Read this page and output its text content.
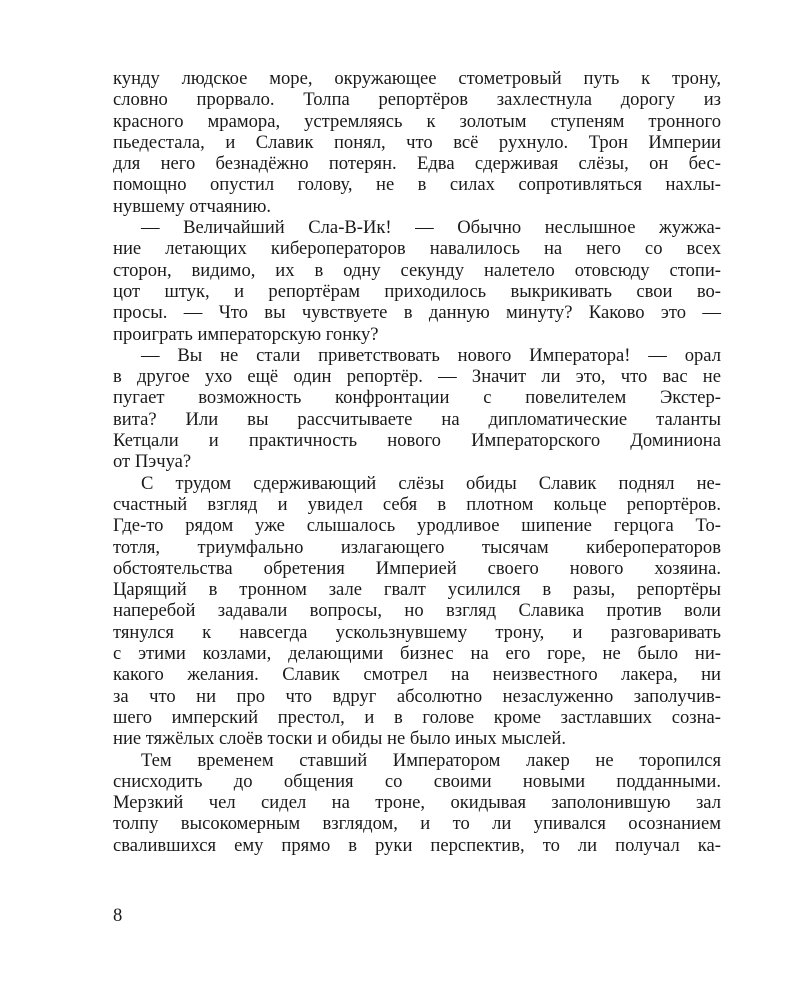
кунду людское море, окружающее стометровый путь к трону,
словно прорвало. Толпа репортёров захлестнула дорогу из
красного мрамора, устремляясь к золотым ступеням тронного
пьедестала, и Славик понял, что всё рухнуло. Трон Империи
для него безнадёжно потерян. Едва сдерживая слёзы, он бес-
помощно опустил голову, не в силах сопротивляться нахлы-
нувшему отчаянию.
— Величайший Сла-В-Ик! — Обычно неслышное жужжа-
ние летающих кибероператоров навалилось на него со всех
сторон, видимо, их в одну секунду налетело отовсюду стопи-
цот штук, и репортёрам приходилось выкрикивать свои во-
просы. — Что вы чувствуете в данную минуту? Каково это —
проиграть императорскую гонку?
— Вы не стали приветствовать нового Императора! — орал
в другое ухо ещё один репортёр. — Значит ли это, что вас не
пугает возможность конфронтации с повелителем Экстер-
вита? Или вы рассчитываете на дипломатические таланты
Кетцали и практичность нового Императорского Доминиона
от Пэчуа?
С трудом сдерживающий слёзы обиды Славик поднял не-
счастный взгляд и увидел себя в плотном кольце репортёров.
Где-то рядом уже слышалось уродливое шипение герцога То-
тотля, триумфально излагающего тысячам кибероператоров
обстоятельства обретения Империей своего нового хозяина.
Царящий в тронном зале гвалт усилился в разы, репортёры
наперебой задавали вопросы, но взгляд Славика против воли
тянулся к навсегда ускользнувшему трону, и разговаривать
с этими козлами, делающими бизнес на его горе, не было ни-
какого желания. Славик смотрел на неизвестного лакера, ни
за что ни про что вдруг абсолютно незаслуженно заполучив-
шего имперский престол, и в голове кроме застлавших созна-
ние тяжёлых слоёв тоски и обиды не было иных мыслей.
Тем временем ставший Императором лакер не торопился
снисходить до общения со своими новыми подданными.
Мерзкий чел сидел на троне, окидывая заполонившую зал
толпу высокомерным взглядом, и то ли упивался осознанием
свалившихся ему прямо в руки перспектив, то ли получал ка-
8
